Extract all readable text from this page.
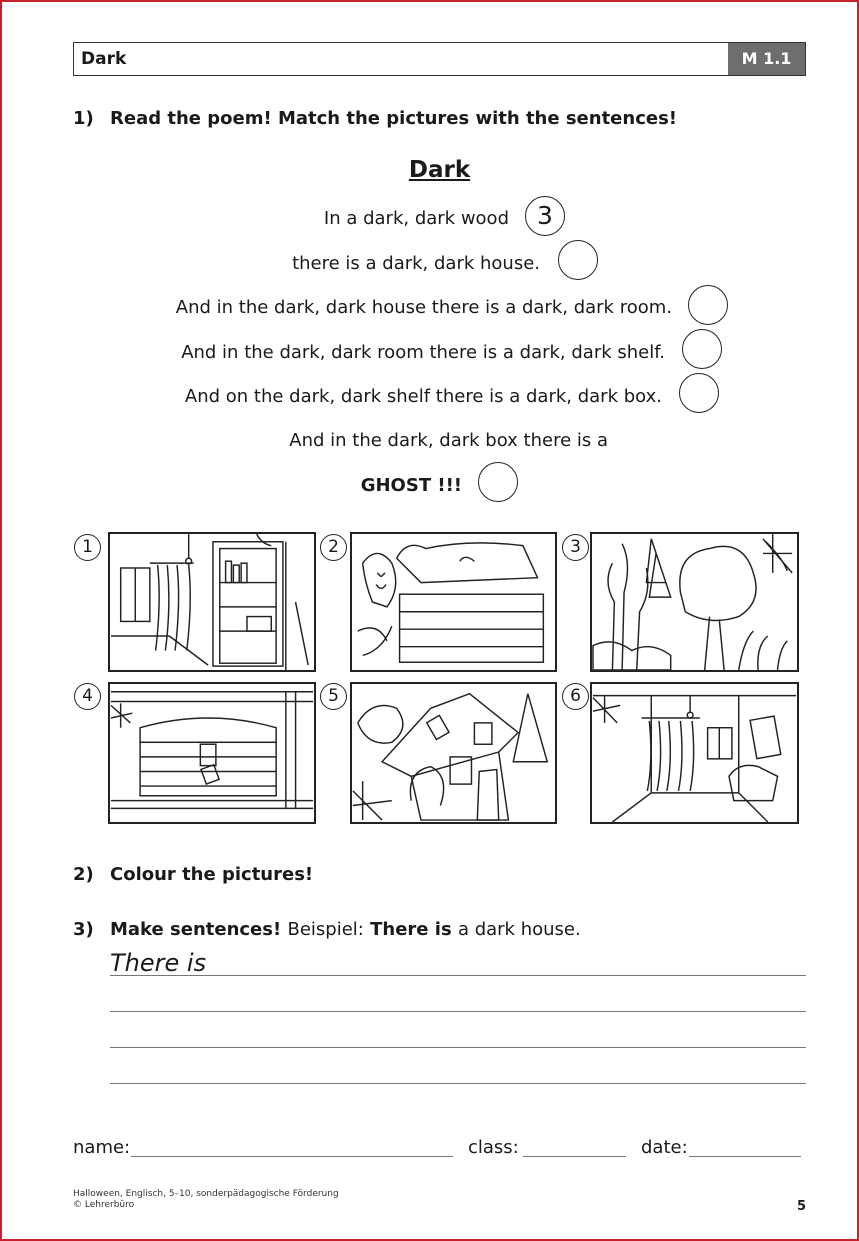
Dark	M 1.1
1) Read the poem! Match the pictures with the sentences!
Dark
In a dark, dark wood	3
there is a dark, dark house.
And in the dark, dark house there is a dark, dark room.
And in the dark, dark room there is a dark, dark shelf.
And on the dark, dark shelf there is a dark, dark box.
And in the dark, dark box there is a
GHOST !!!
1	2	3
4	5	6
2) Colour the pictures!
3) Make sentences! Beispiel: There is a dark house.
There is
name:	class:	date:
Halloween, Englisch, 5–10, sonderpädagogische Förderung
© Lehrerbüro	5
